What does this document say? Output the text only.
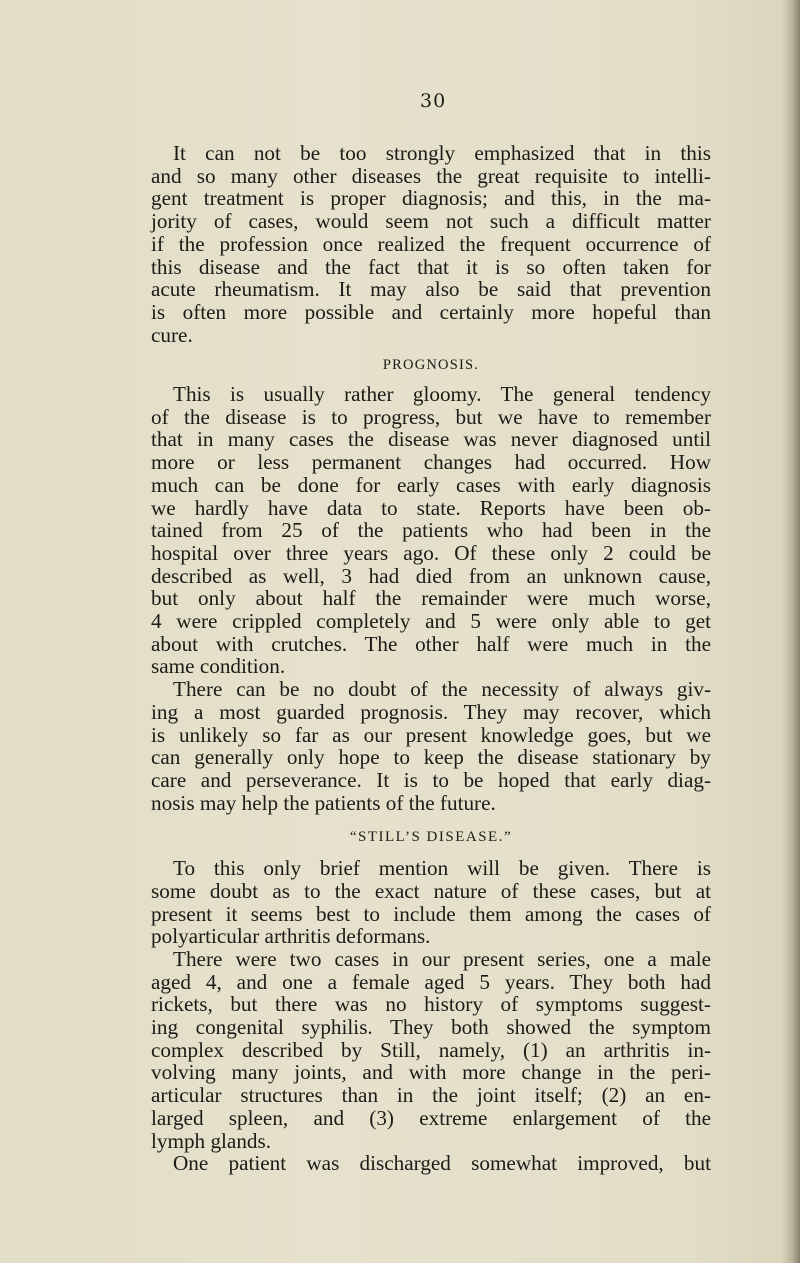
30
It can not be too strongly emphasized that in this
and so many other diseases the great requisite to intelli-
gent treatment is proper diagnosis; and this, in the ma-
jority of cases, would seem not such a difficult matter
if the profession once realized the frequent occurrence of
this disease and the fact that it is so often taken for
acute rheumatism. It may also be said that prevention
is often more possible and certainly more hopeful than
cure.
PROGNOSIS.
This is usually rather gloomy. The general tendency
of the disease is to progress, but we have to remember
that in many cases the disease was never diagnosed until
more or less permanent changes had occurred. How
much can be done for early cases with early diagnosis
we hardly have data to state. Reports have been ob-
tained from 25 of the patients who had been in the
hospital over three years ago. Of these only 2 could be
described as well, 3 had died from an unknown cause,
but only about half the remainder were much worse,
4 were crippled completely and 5 were only able to get
about with crutches. The other half were much in the
same condition.
There can be no doubt of the necessity of always giv-
ing a most guarded prognosis. They may recover, which
is unlikely so far as our present knowledge goes, but we
can generally only hope to keep the disease stationary by
care and perseverance. It is to be hoped that early diag-
nosis may help the patients of the future.
“STILL’S DISEASE.”
To this only brief mention will be given. There is
some doubt as to the exact nature of these cases, but at
present it seems best to include them among the cases of
polyarticular arthritis deformans.
There were two cases in our present series, one a male
aged 4, and one a female aged 5 years. They both had
rickets, but there was no history of symptoms suggest-
ing congenital syphilis. They both showed the symptom
complex described by Still, namely, (1) an arthritis in-
volving many joints, and with more change in the peri-
articular structures than in the joint itself; (2) an en-
larged spleen, and (3) extreme enlargement of the
lymph glands.
One patient was discharged somewhat improved, but
